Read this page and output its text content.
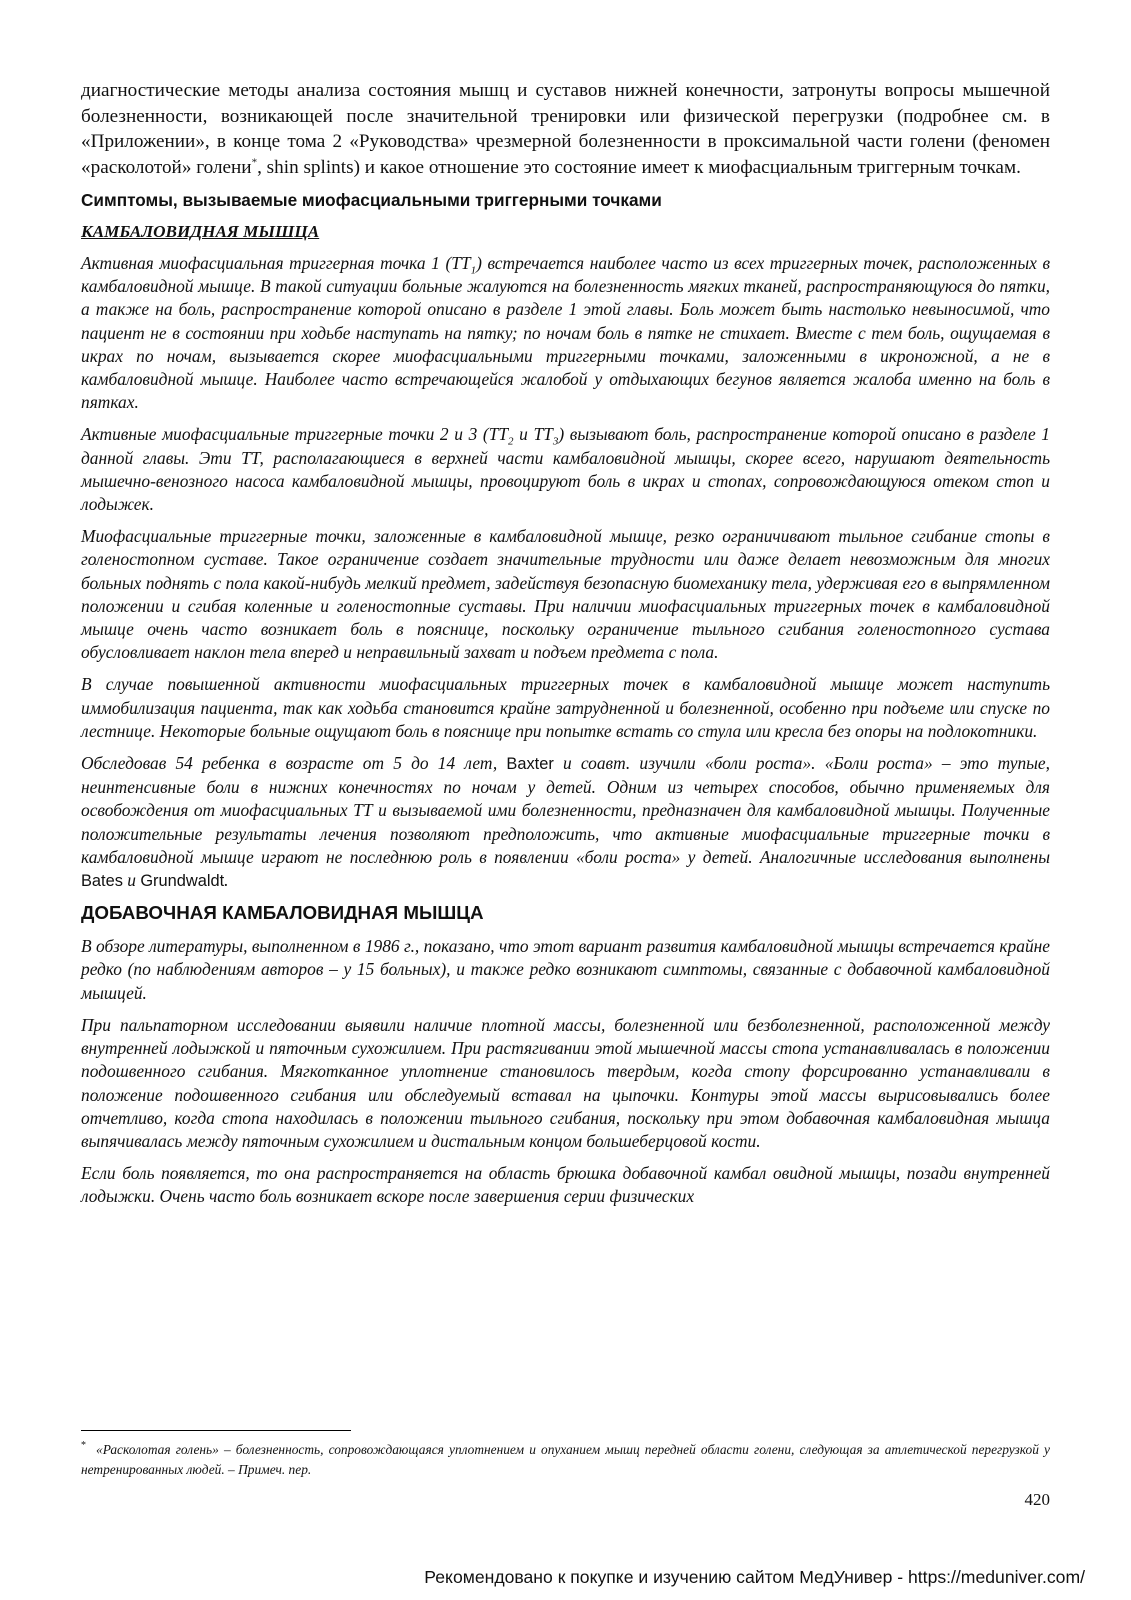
диагностические методы анализа состояния мышц и суставов нижней конечности, затронуты вопросы мышечной болезненности, возникающей после значительной тренировки или физической перегрузки (подробнее см. в «Приложении», в конце тома 2 «Руководства» чрезмерной болезненности в проксимальной части голени (феномен «расколотой» голени*, shin splints) и какое отношение это состояние имеет к миофасциальным триггерным точкам.

Симптомы, вызываемые миофасциальными триггерными точками
КАМБАЛОВИДНАЯ МЫШЦА

Активная миофасциальная триггерная точка 1 $(ТТ_1)$ встречается наиболее часто из всех триггерных точек, расположенных в камбаловидной мышце. В такой ситуации больные жалуются на болезненность мягких тканей, распространяющуюся до пятки, а также на боль, распространение которой описано в разделе 1 этой главы. Боль может быть настолько невыносимой, что пациент не в состоянии при ходьбе наступать на пятку; по ночам боль в пятке не стихает. Вместе с тем боль, ощущаемая в икрах по ночам, вызывается скорее миофасциальными триггерными точками, заложенными в икроножной, а не в камбаловидной мышце. Наиболее часто встречающейся жалобой у отдыхающих бегунов является жалоба именно на боль в пятках.

Активные миофасциальные триггерные точки 2 и 3 ($ТТ_2$ и $ТТ_3$) вызывают боль, распространение которой описано в разделе 1 данной главы. Эти ТТ, располагающиеся в верхней части камбаловидной мышцы, скорее всего, нарушают деятельность мышечно-венозного насоса камбаловидной мышцы, провоцируют боль в икрах и стопах, сопровождающуюся отеком стоп и лодыжек.

Миофасциальные триггерные точки, заложенные в камбаловидной мышце, резко ограничивают тыльное сгибание стопы в голеностопном суставе. Такое ограничение создает значительные трудности или даже делает невозможным для многих больных поднять с пола какой-нибудь мелкий предмет, задействуя безопасную биомеханику тела, удерживая его в выпрямленном положении и сгибая коленные и голеностопные суставы. При наличии миофасциальных триггерных точек в камбаловидной мышце очень часто возникает боль в пояснице, поскольку ограничение тыльного сгибания голеностопного сустава обусловливает наклон тела вперед и неправильный захват и подъем предмета с пола.

В случае повышенной активности миофасциальных триггерных точек в камбаловидной мышце может наступить иммобилизация пациента, так как ходьба становится крайне затрудненной и болезненной, особенно при подъеме или спуске по лестнице. Некоторые больные ощущают боль в пояснице при попытке встать со стула или кресла без опоры на подлокотники.

Обследовав 54 ребенка в возрасте от 5 до 14 лет, Baxter и соавт. изучили «боли роста». «Боли роста» – это тупые, неинтенсивные боли в нижних конечностях по ночам у детей. Одним из четырех способов, обычно применяемых для освобождения от миофасциальных ТТ и вызываемой ими болезненности, предназначен для камбаловидной мышцы. Полученные положительные результаты лечения позволяют предположить, что активные миофасциальные триггерные точки в камбаловидной мышце играют не последнюю роль в появлении «боли роста» у детей. Аналогичные исследования выполнены Bates и Grundwaldt.

ДОБАВОЧНАЯ КАМБАЛОВИДНАЯ МЫШЦА

В обзоре литературы, выполненном в 1986 г., показано, что этот вариант развития камбаловидной мышцы встречается крайне редко (по наблюдениям авторов – у 15 больных), и также редко возникают симптомы, связанные с добавочной камбаловидной мышцей.

При пальпаторном исследовании выявили наличие плотной массы, болезненной или безболезненной, расположенной между внутренней лодыжкой и пяточным сухожилием. При растягивании этой мышечной массы стопа устанавливалась в положении подошвенного сгибания. Мягкотканное уплотнение становилось твердым, когда стопу форсированно устанавливали в положение подошвенного сгибания или обследуемый вставал на цыпочки. Контуры этой массы вырисовывались более отчетливо, когда стопа находилась в положении тыльного сгибания, поскольку при этом добавочная камбаловидная мышца выпячивалась между пяточным сухожилием и дистальным концом большеберцовой кости.

Если боль появляется, то она распространяется на область брюшка добавочной камбал овидной мышцы, позади внутренней лодыжки. Очень часто боль возникает вскоре после завершения серии физических

* «Расколотая голень» – болезненность, сопровождающаяся уплотнением и опуханием мышц передней области голени, следующая за атлетической перегрузкой у нетренированных людей. – Примеч. пер.
420
Рекомендовано к покупке и изучению сайтом МедУнивер - https://meduniver.com/
